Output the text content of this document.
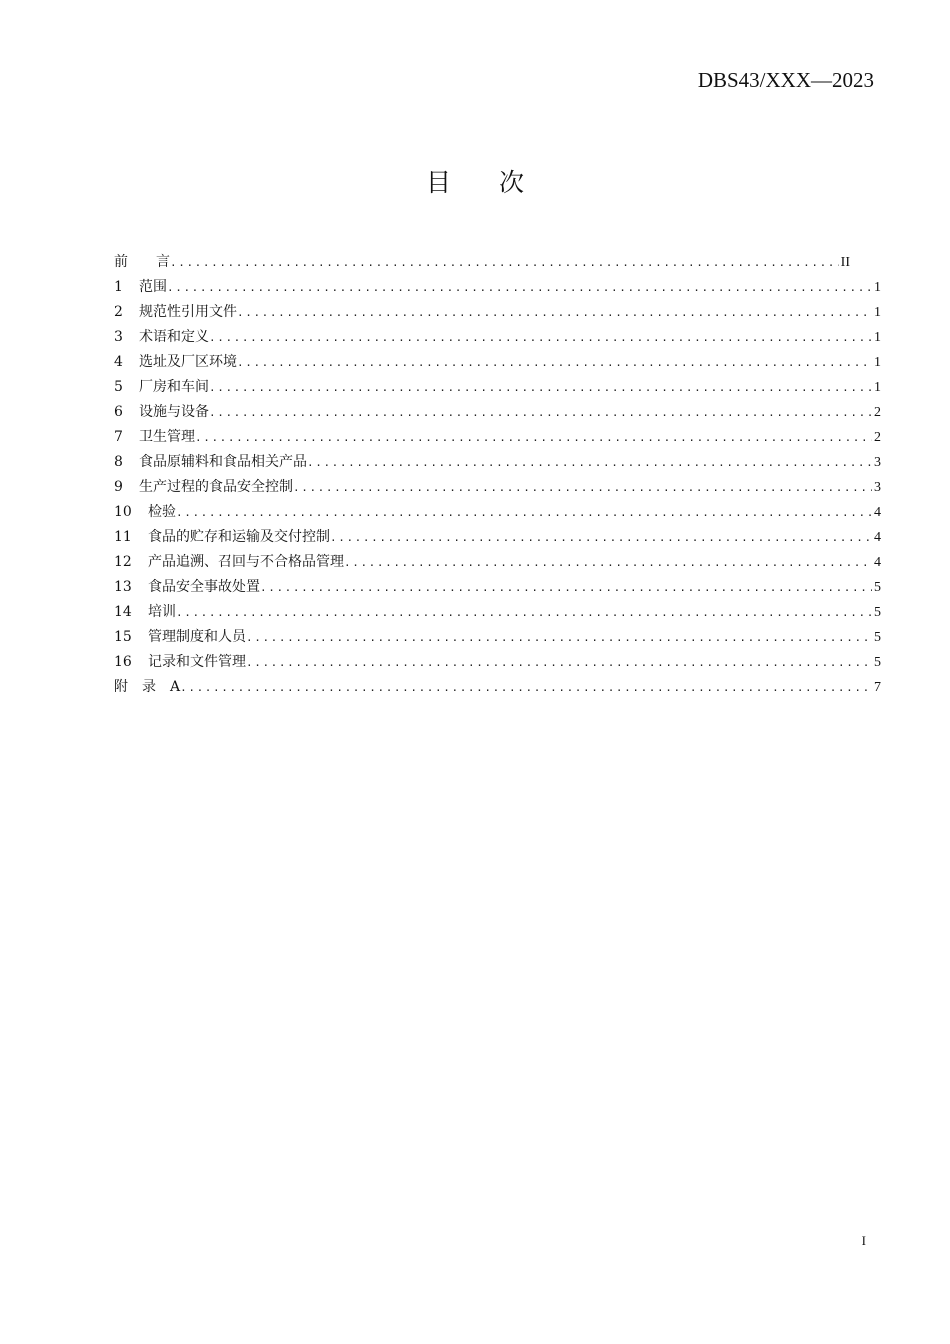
DBS43/XXX—2023
目 次
前　　言 .....	II
1	范围 .....	1
2	规范性引用文件 .....	1
3	术语和定义 .....	1
4	选址及厂区环境 .....	1
5	厂房和车间 .....	1
6	设施与设备 .....	2
7	卫生管理 .....	2
8	食品原辅料和食品相关产品 .....	3
9	生产过程的食品安全控制 .....	3
10	检验 .....	4
11	食品的贮存和运输及交付控制 .....	4
12	产品追溯、召回与不合格品管理 .....	4
13	食品安全事故处置 .....	5
14	培训 .....	5
15	管理制度和人员 .....	5
16	记录和文件管理 .....	5
附　录　A .....	7
I
